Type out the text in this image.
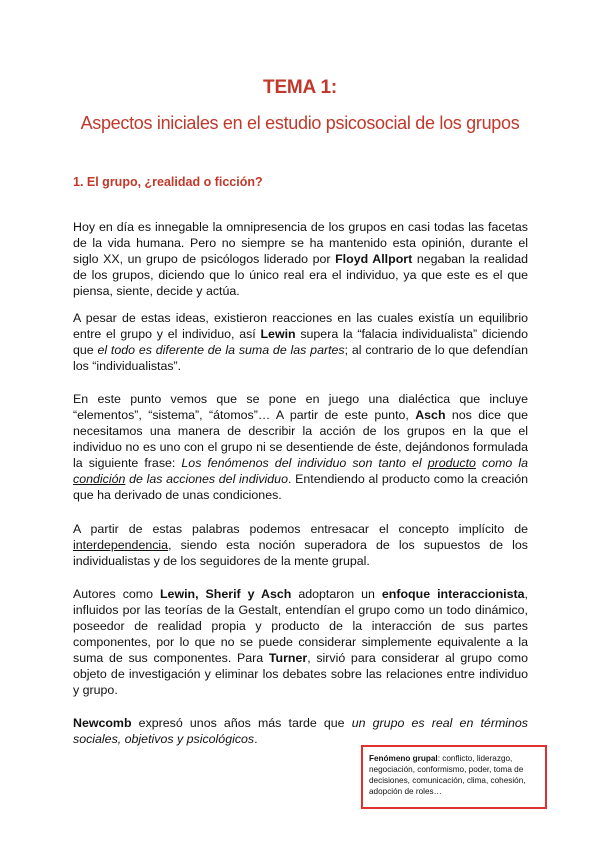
TEMA 1:
Aspectos iniciales en el estudio psicosocial de los grupos
1. El grupo, ¿realidad o ficción?

Hoy en día es innegable la omnipresencia de los grupos en casi todas las facetas de la vida humana. Pero no siempre se ha mantenido esta opinión, durante el siglo XX, un grupo de psicólogos liderado por Floyd Allport negaban la realidad de los grupos, diciendo que lo único real era el individuo, ya que este es el que piensa, siente, decide y actúa.

A pesar de estas ideas, existieron reacciones en las cuales existía un equilibrio entre el grupo y el individuo, así Lewin supera la “falacia individualista” diciendo que el todo es diferente de la suma de las partes; al contrario de lo que defendían los “individualistas”.

En este punto vemos que se pone en juego una dialéctica que incluye “elementos”, “sistema”, “átomos”… A partir de este punto, Asch nos dice que necesitamos una manera de describir la acción de los grupos en la que el individuo no es uno con el grupo ni se desentiende de éste, dejándonos formulada la siguiente frase: Los fenómenos del individuo son tanto el producto como la condición de las acciones del individuo. Entendiendo al producto como la creación que ha derivado de unas condiciones.

A partir de estas palabras podemos entresacar el concepto implícito de interdependencia, siendo esta noción superadora de los supuestos de los individualistas y de los seguidores de la mente grupal.

Autores como Lewin, Sherif y Asch adoptaron un enfoque interaccionista, influidos por las teorías de la Gestalt, entendían el grupo como un todo dinámico, poseedor de realidad propia y producto de la interacción de sus partes componentes, por lo que no se puede considerar simplemente equivalente a la suma de sus componentes. Para Turner, sirvió para considerar al grupo como objeto de investigación y eliminar los debates sobre las relaciones entre individuo y grupo.

Newcomb expresó unos años más tarde que un grupo es real en términos sociales, objetivos y psicológicos.

Fenómeno grupal: conflicto, liderazgo, negociación, conformismo, poder, toma de decisiones, comunicación, clima, cohesión, adopción de roles…
